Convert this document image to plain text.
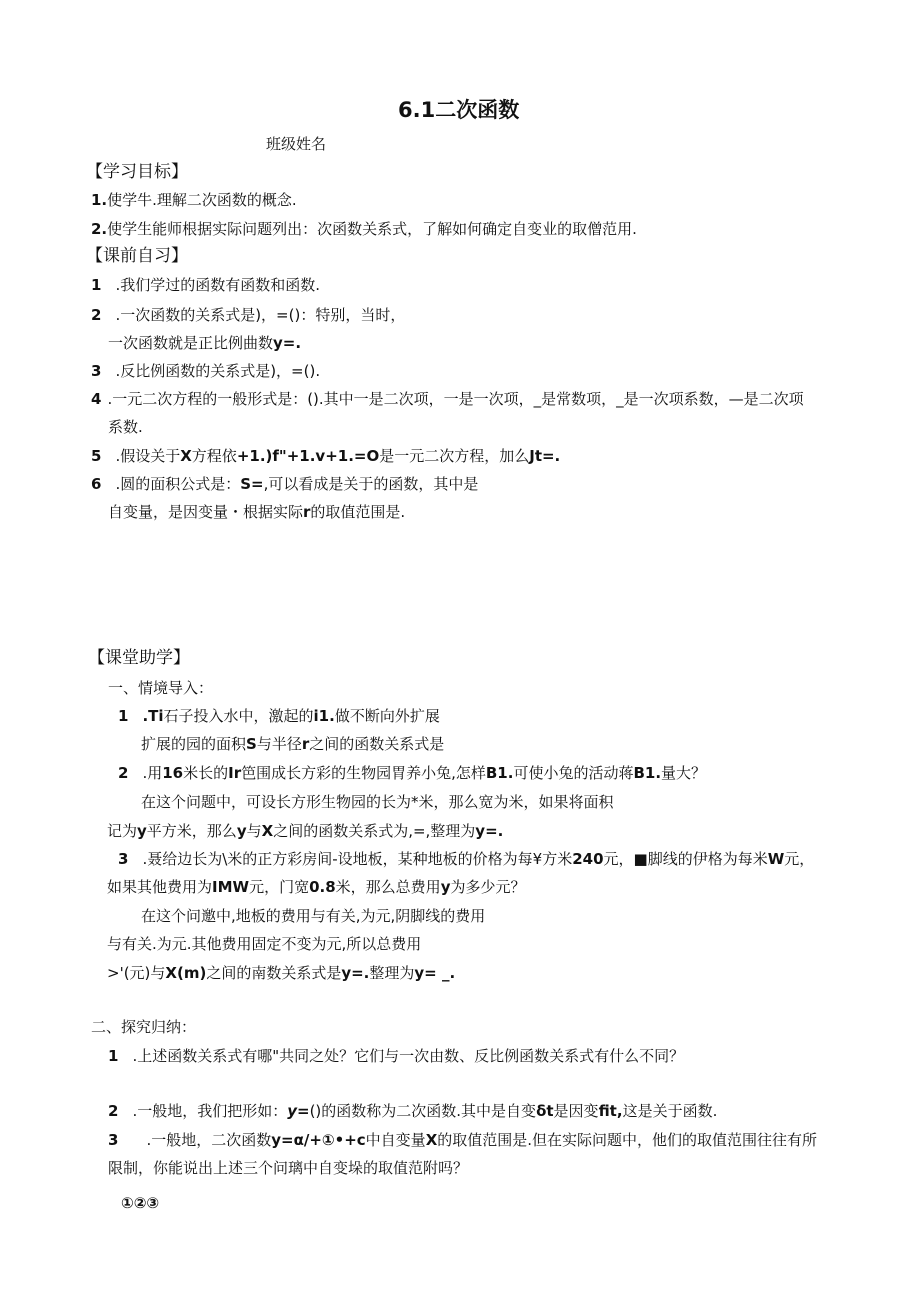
6.1二次函数
班级姓名
【学习目标】
1.使学牛.理解二次函数的概念.
2.使学生能师根据实际问题列出：次函数关系式，了解如何确定自变业的取僧范用.
【课前自习】
1 .我们学过的函数有函数和函数.
2 .一次函数的关系式是)，=()：特别，当时，
一次函数就是正比例曲数y=.
3 .反比例函数的关系式是)，=().
4 .一元二次方程的一般形式是：().其中一是二次项，一是一次项，_是常数项，_是一次项系数，—是二次项
系数.
5 .假设关于X方程依+1.)f"+1.v+1.=O是一元二次方程，加么Jt=.
6 .圆的面积公式是：S=,可以看成是关于的函数，其中是
自变量，是因变量・根据实际r的取值范围是.
【课堂助学】
一、情境导入：
1 .Ti石子投入水中，激起的i1.做不断向外扩展
扩展的园的面积S与半径r之间的函数关系式是
2 .用16米长的Ir笆围成长方彩的生物园胃养小兔,怎样B1.可使小兔的活动蒋B1.量大？
在这个问题中，可设长方形生物园的长为*米，那么宽为米，如果将面积
记为y平方米，那么y与X之间的函数关系式为,=,整理为y=.
3 .聂给边长为\米的正方彩房间-设地板，某种地板的价格为每¥方米240元，■脚线的伊格为每米W元，
如果其他费用为IMW元，门宽0.8米，那么总费用y为多少元？
在这个问邀中,地板的费用与有关,为元,阴脚线的费用
与有关.为元.其他费用固定不变为元,所以总费用
>'(元)与X(m)之间的南数关系式是y=.整理为y= _.
二、探究归纳：
1 .上述函数关系式有哪"共同之处？它们与一次由数、反比例函数关系式有什么不同？
2 .一般地，我们把形如：y=()的函数称为二次函数.其中是自变δt是因变fit,这是关于函数.
3 .一般地，二次函数y=α/+①•+c中自变量X的取值范围是.但在实际问题中，他们的取值范围往往有所
限制，你能说出上述三个问璃中自变垛的取值范附吗？
①②③
